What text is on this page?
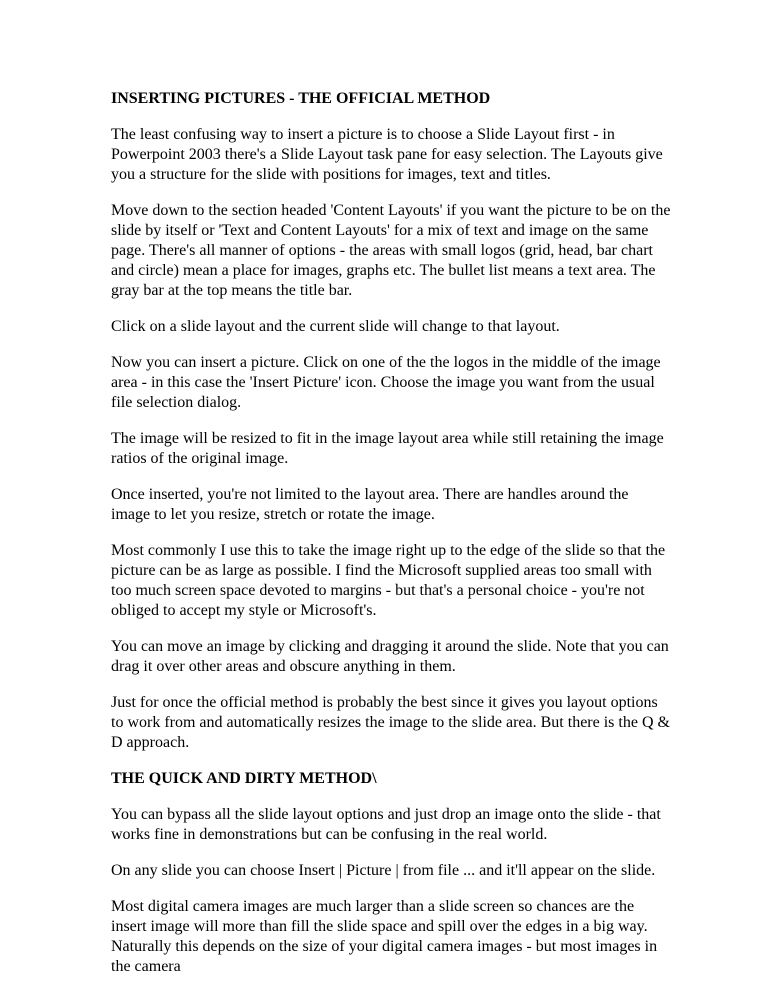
INSERTING PICTURES - THE OFFICIAL METHOD

The least confusing way to insert a picture is to choose a Slide Layout first - in Powerpoint 2003 there's a Slide Layout task pane for easy selection. The Layouts give you a structure for the slide with positions for images, text and titles.

Move down to the section headed 'Content Layouts' if you want the picture to be on the slide by itself or 'Text and Content Layouts' for a mix of text and image on the same page. There's all manner of options - the areas with small logos (grid, head, bar chart and circle) mean a place for images, graphs etc. The bullet list means a text area. The gray bar at the top means the title bar.

Click on a slide layout and the current slide will change to that layout.

Now you can insert a picture. Click on one of the the logos in the middle of the image area - in this case the 'Insert Picture' icon. Choose the image you want from the usual file selection dialog.

The image will be resized to fit in the image layout area while still retaining the image ratios of the original image.

Once inserted, you're not limited to the layout area. There are handles around the image to let you resize, stretch or rotate the image.

Most commonly I use this to take the image right up to the edge of the slide so that the picture can be as large as possible. I find the Microsoft supplied areas too small with too much screen space devoted to margins - but that's a personal choice - you're not obliged to accept my style or Microsoft's.

You can move an image by clicking and dragging it around the slide. Note that you can drag it over other areas and obscure anything in them.

Just for once the official method is probably the best since it gives you layout options to work from and automatically resizes the image to the slide area. But there is the Q & D approach.

THE QUICK AND DIRTY METHOD\

You can bypass all the slide layout options and just drop an image onto the slide - that works fine in demonstrations but can be confusing in the real world.

On any slide you can choose Insert | Picture | from file ... and it'll appear on the slide.

Most digital camera images are much larger than a slide screen so chances are the insert image will more than fill the slide space and spill over the edges in a big way. Naturally this depends on the size of your digital camera images - but most images in the camera
